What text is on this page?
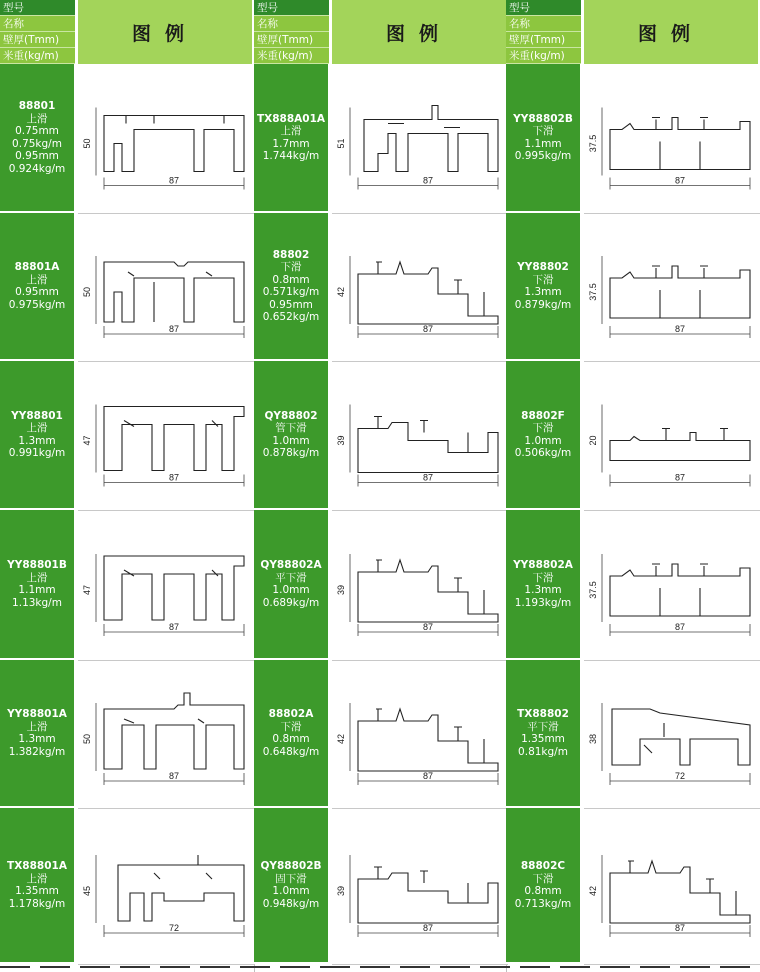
型号
名称
壁厚(Tmm)
米重(kg/m)
图例
88801
上滑
0.75mm
0.75kg/m
0.95mm
0.924kg/m
50
87
88801A
上滑
0.95mm
0.975kg/m
50
87
YY88801
上滑
1.3mm
0.991kg/m
47
87
YY88801B
上滑
1.1mm
1.13kg/m
47
87
YY88801A
上滑
1.3mm
1.382kg/m
50
87
TX88801A
上滑
1.35mm
1.178kg/m
45
72
型号
名称
壁厚(Tmm)
米重(kg/m)
图例
TX888A01A
上滑
1.7mm
1.744kg/m
51
87
88802
下滑
0.8mm
0.571kg/m
0.95mm
0.652kg/m
42
87
QY88802
管下滑
1.0mm
0.878kg/m
39
87
QY88802A
平下滑
1.0mm
0.689kg/m
39
87
88802A
下滑
0.8mm
0.648kg/m
42
87
QY88802B
固下滑
1.0mm
0.948kg/m
39
87
型号
名称
壁厚(Tmm)
米重(kg/m)
图例
YY88802B
下滑
1.1mm
0.995kg/m
37.5
87
YY88802
下滑
1.3mm
0.879kg/m
37.5
87
88802F
下滑
1.0mm
0.506kg/m
20
87
YY88802A
下滑
1.3mm
1.193kg/m
37.5
87
TX88802
平下滑
1.35mm
0.81kg/m
38
72
88802C
下滑
0.8mm
0.713kg/m
42
87
